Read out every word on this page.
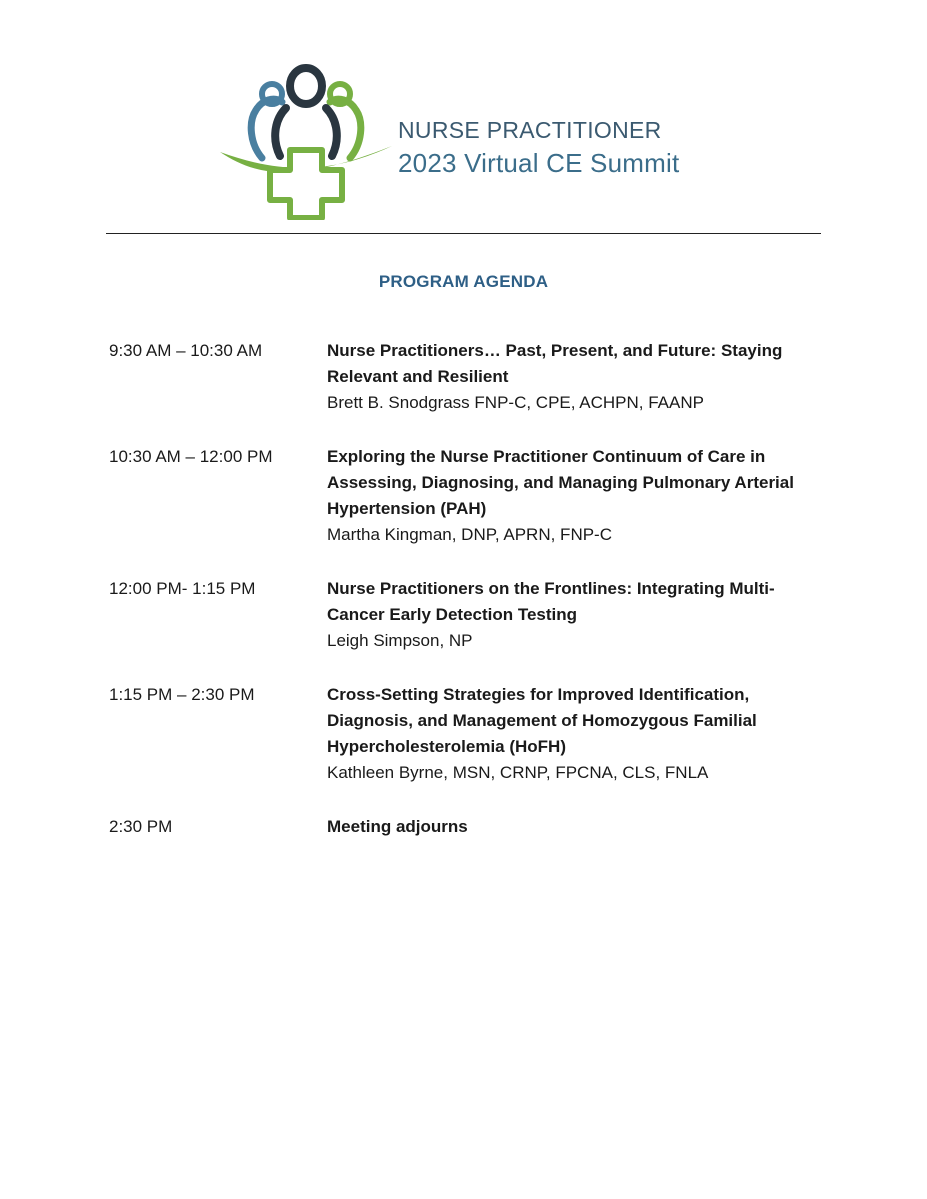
NURSE PRACTITIONER
2023 Virtual CE Summit
PROGRAM AGENDA
9:30 AM – 10:30 AM	Nurse Practitioners… Past, Present, and Future: Staying Relevant and Resilient
Brett B. Snodgrass FNP-C, CPE, ACHPN, FAANP
10:30 AM – 12:00 PM	Exploring the Nurse Practitioner Continuum of Care in Assessing, Diagnosing, and Managing Pulmonary Arterial Hypertension (PAH)
Martha Kingman, DNP, APRN, FNP-C
12:00 PM- 1:15 PM	Nurse Practitioners on the Frontlines: Integrating Multi-Cancer Early Detection Testing
Leigh Simpson, NP
1:15 PM – 2:30 PM	Cross-Setting Strategies for Improved Identification, Diagnosis, and Management of Homozygous Familial Hypercholesterolemia (HoFH)
Kathleen Byrne, MSN, CRNP, FPCNA, CLS, FNLA
2:30 PM	Meeting adjourns
